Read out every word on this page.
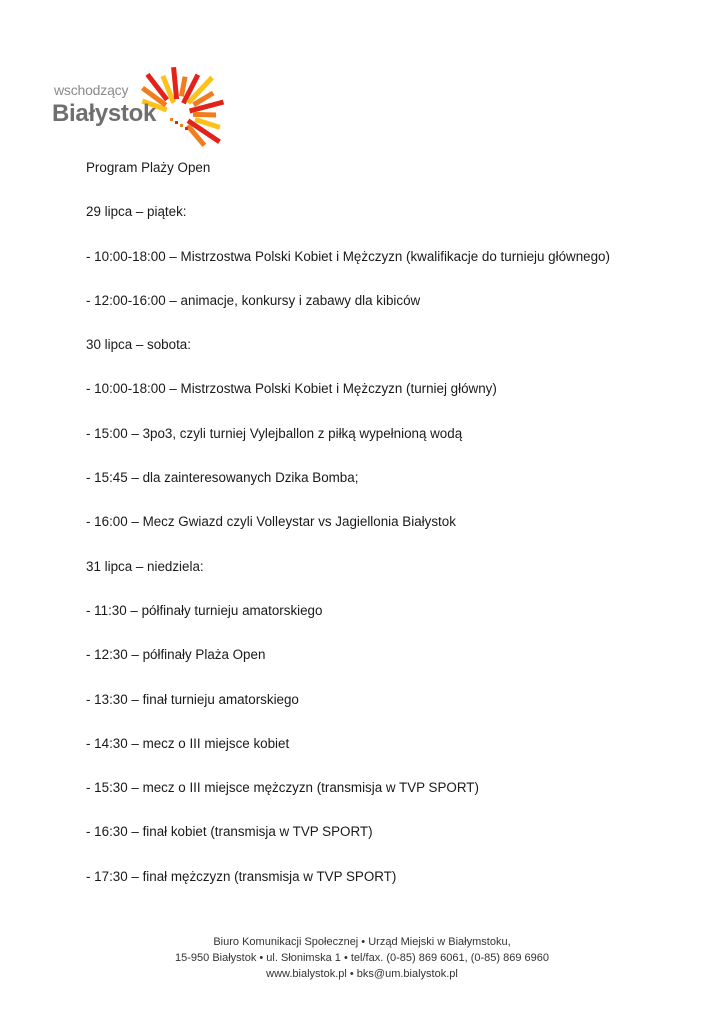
wschodzący
Białystok
Program Plaży Open
29 lipca – piątek:
- 10:00-18:00 – Mistrzostwa Polski Kobiet i Mężczyzn (kwalifikacje do turnieju głównego)
- 12:00-16:00 – animacje, konkursy i zabawy dla kibiców
30 lipca – sobota:
- 10:00-18:00 – Mistrzostwa Polski Kobiet i Mężczyzn (turniej główny)
- 15:00 – 3po3, czyli turniej Vylejballon z piłką wypełnioną wodą
- 15:45 – dla zainteresowanych Dzika Bomba;
- 16:00 – Mecz Gwiazd czyli Volleystar vs Jagiellonia Białystok
31 lipca – niedziela:
- 11:30 – półfinały turnieju amatorskiego
- 12:30 – półfinały Plaża Open
- 13:30 – finał turnieju amatorskiego
- 14:30 – mecz o III miejsce kobiet
- 15:30 – mecz o III miejsce mężczyzn (transmisja w TVP SPORT)
- 16:30 – finał kobiet (transmisja w TVP SPORT)
- 17:30 – finał mężczyzn (transmisja w TVP SPORT)
Biuro Komunikacji Społecznej • Urząd Miejski w Białymstoku,
15-950 Białystok • ul. Słonimska 1 • tel/fax. (0-85) 869 6061, (0-85) 869 6960
www.bialystok.pl • bks@um.bialystok.pl
